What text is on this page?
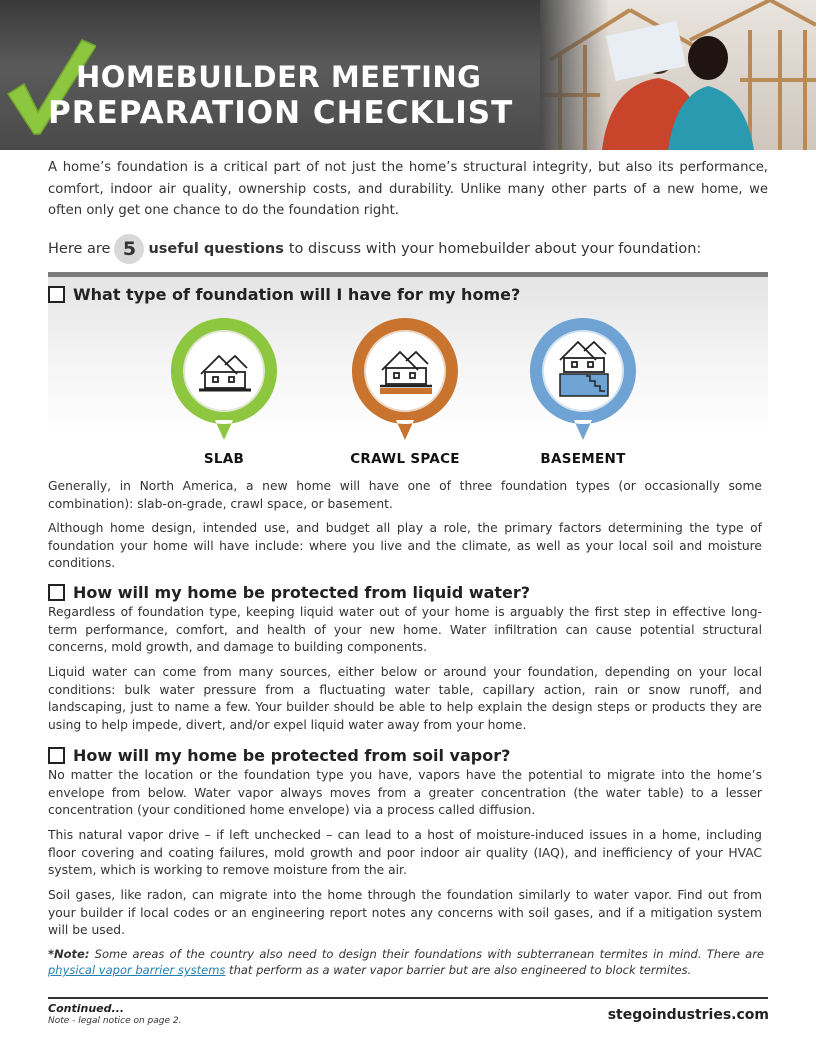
HOMEBUILDER MEETING
PREPARATION CHECKLIST
A home’s foundation is a critical part of not just the home’s structural integrity, but also its performance, comfort, indoor air quality, ownership costs, and durability. Unlike many other parts of a new home, we often only get one chance to do the foundation right.
Here are 5 useful questions to discuss with your homebuilder about your foundation:
What type of foundation will I have for my home?
SLAB	CRAWL SPACE	BASEMENT
Generally, in North America, a new home will have one of three foundation types (or occasionally some combination): slab-on-grade, crawl space, or basement.
Although home design, intended use, and budget all play a role, the primary factors determining the type of foundation your home will have include: where you live and the climate, as well as your local soil and moisture conditions.
How will my home be protected from liquid water?
Regardless of foundation type, keeping liquid water out of your home is arguably the first step in effective long-term performance, comfort, and health of your new home. Water infiltration can cause potential structural concerns, mold growth, and damage to building components.
Liquid water can come from many sources, either below or around your foundation, depending on your local conditions: bulk water pressure from a fluctuating water table, capillary action, rain or snow runoff, and landscaping, just to name a few. Your builder should be able to help explain the design steps or products they are using to help impede, divert, and/or expel liquid water away from your home.
How will my home be protected from soil vapor?
No matter the location or the foundation type you have, vapors have the potential to migrate into the home’s envelope from below. Water vapor always moves from a greater concentration (the water table) to a lesser concentration (your conditioned home envelope) via a process called diffusion.
This natural vapor drive – if left unchecked – can lead to a host of moisture-induced issues in a home, including floor covering and coating failures, mold growth and poor indoor air quality (IAQ), and inefficiency of your HVAC system, which is working to remove moisture from the air.
Soil gases, like radon, can migrate into the home through the foundation similarly to water vapor. Find out from your builder if local codes or an engineering report notes any concerns with soil gases, and if a mitigation system will be used.
*Note: Some areas of the country also need to design their foundations with subterranean termites in mind. There are physical vapor barrier systems that perform as a water vapor barrier but are also engineered to block termites.
Continued...
Note - legal notice on page 2.	stegoindustries.com
